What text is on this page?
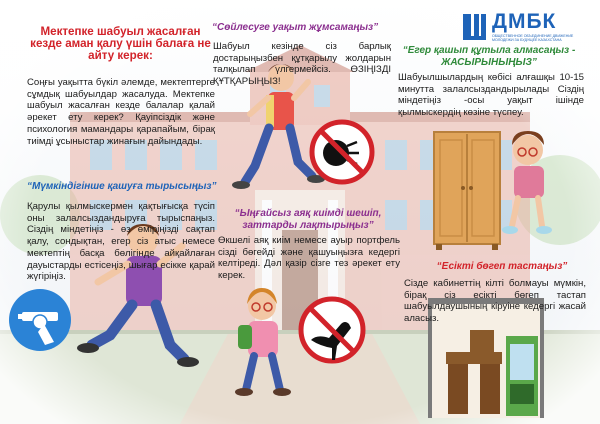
ДМБК
ОБЩЕСТВЕННОЕ ОБЪЕДИНЕНИЕ ДВИЖЕНИЕ МОЛОДЕЖИ ЗА БУДУЩЕЕ КАЗАХСТАНА
Мектепке шабуыл жасалған кезде аман қалу үшін балаға не айту керек:
Соңғы уақытта бүкіл әлемде, мектептерге сұмдық шабуылдар жасалуда. Мектепке шабуыл жасалған кезде балалар қалай әрекет ету керек? Қауіпсіздік және психология мамандары қарапайым, бірақ тиімді ұсыныстар жинағын дайындады.
“Мүмкіндігінше қашуға тырысыңыз”
Қарулы қылмыскермен қақтығысқа түсіп оны залалсыздандыруға тырыспаңыз. Сіздің міндетіңіз - өз өміріңізді сақтап қалу, сондықтан, егер сіз атыс немесе мектептің басқа бөлігінде айқайлаған дауыстарды естісеңіз, шығар есікке қарай жүгіріңіз.
“Сөйлесуге уақыт жұмсамаңыз”
Шабуыл кезінде сіз барлық достарыңызбен құтқарылу жолдарын талқылап үлгермейсіз. ӨЗІҢІЗДІ ҚҰТҚАРЫҢЫЗ!
“Егер қашып құтыла алмасаңыз - ЖАСЫРЫНЫҢЫЗ”
Шабуылшылардың көбісі алғашқы 10-15 минутта залалсыздандырылады Сіздің міндетіңіз -осы уақыт ішінде қылмыскердің көзіне түспеу.
“Ыңғайсыз аяқ киімді шешіп, заттарды лақтырыңыз”
Өкшелі аяқ киім немесе ауыр портфель сізді бөгейді және қашуыңызға кедергі келтіреді. Дәл қазір сізге тез әрекет ету керек.
“Есікті бөгеп тастаңыз”
Сізде кабинеттің кілті болмауы мүмкін, бірақ сіз есікті бөгеп тастап шабуылдаушының кіруіне кедергі жасай аласыз.
